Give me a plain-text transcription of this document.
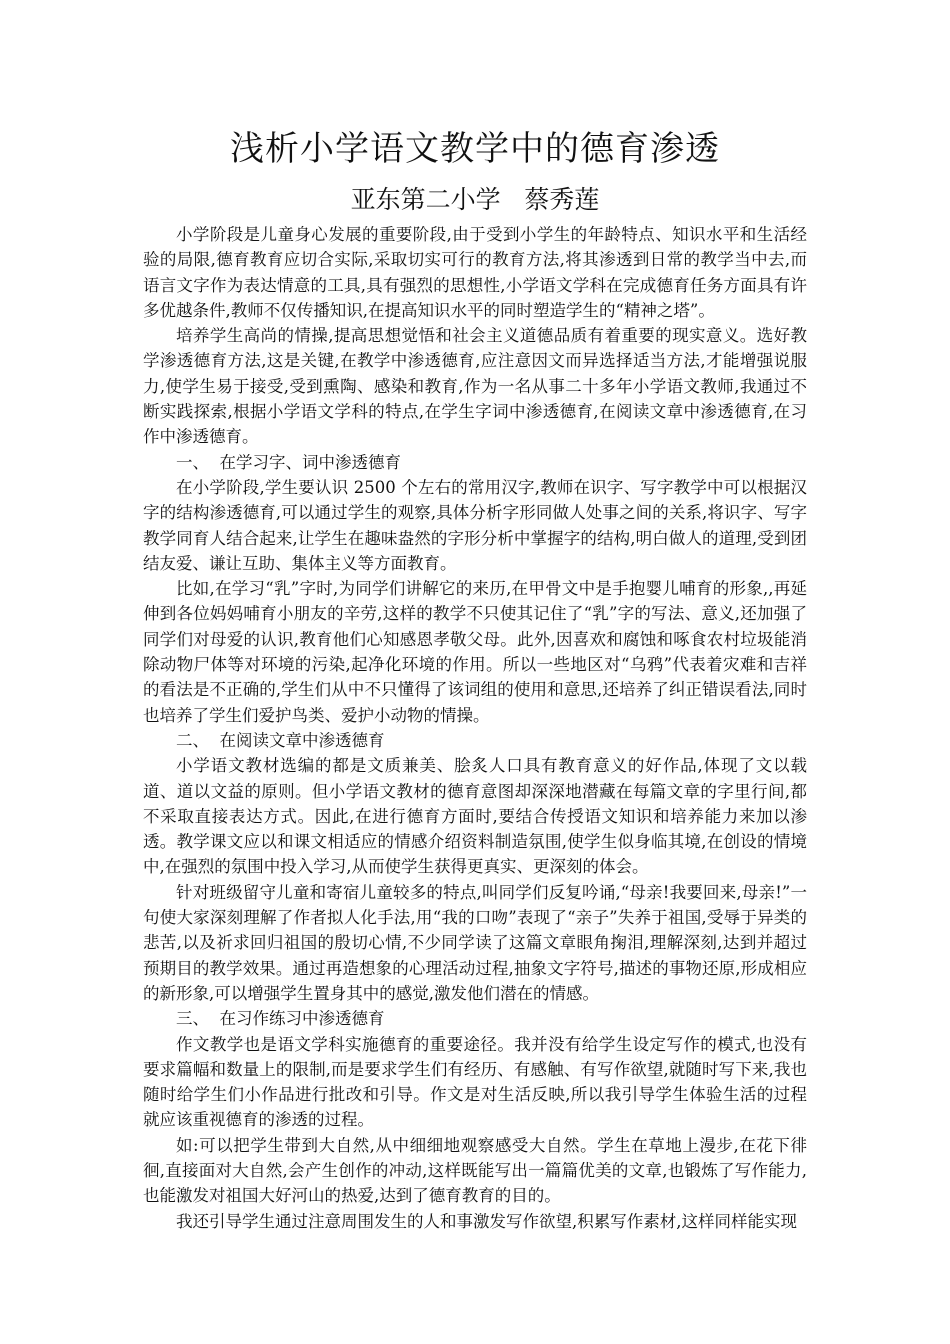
浅析小学语文教学中的德育渗透
亚东第二小学   蔡秀莲

小学阶段是儿童身心发展的重要阶段,由于受到小学生的年龄特点、知识水平和生活经验的局限,德育教育应切合实际,采取切实可行的教育方法,将其渗透到日常的教学当中去,而语言文字作为表达情意的工具,具有强烈的思想性,小学语文学科在完成德育任务方面具有许多优越条件,教师不仅传播知识,在提高知识水平的同时塑造学生的“精神之塔”。

培养学生高尚的情操,提高思想觉悟和社会主义道德品质有着重要的现实意义。选好教学渗透德育方法,这是关键,在教学中渗透德育,应注意因文而异选择适当方法,才能增强说服力,使学生易于接受,受到熏陶、感染和教育,作为一名从事二十多年小学语文教师,我通过不断实践探索,根据小学语文学科的特点,在学生字词中渗透德育,在阅读文章中渗透德育,在习作中渗透德育。

一、  在学习字、词中渗透德育

在小学阶段,学生要认识 2500 个左右的常用汉字,教师在识字、写字教学中可以根据汉字的结构渗透德育,可以通过学生的观察,具体分析字形同做人处事之间的关系,将识字、写字教学同育人结合起来,让学生在趣味盎然的字形分析中掌握字的结构,明白做人的道理,受到团结友爱、谦让互助、集体主义等方面教育。

比如,在学习“乳”字时,为同学们讲解它的来历,在甲骨文中是手抱婴儿哺育的形象,,再延伸到各位妈妈哺育小朋友的辛劳,这样的教学不只使其记住了“乳”字的写法、意义,还加强了同学们对母爱的认识,教育他们心知感恩孝敬父母。此外,因喜欢和腐蚀和啄食农村垃圾能消除动物尸体等对环境的污染,起净化环境的作用。所以一些地区对“乌鸦”代表着灾难和吉祥的看法是不正确的,学生们从中不只懂得了该词组的使用和意思,还培养了纠正错误看法,同时也培养了学生们爱护鸟类、爱护小动物的情操。

二、  在阅读文章中渗透德育

小学语文教材选编的都是文质兼美、脍炙人口具有教育意义的好作品,体现了文以载道、道以文益的原则。但小学语文教材的德育意图却深深地潜藏在每篇文章的字里行间,都不采取直接表达方式。因此,在进行德育方面时,要结合传授语文知识和培养能力来加以渗透。教学课文应以和课文相适应的情感介绍资料制造氛围,使学生似身临其境,在创设的情境中,在强烈的氛围中投入学习,从而使学生获得更真实、更深刻的体会。

针对班级留守儿童和寄宿儿童较多的特点,叫同学们反复吟诵,“母亲!我要回来,母亲!”一句使大家深刻理解了作者拟人化手法,用“我的口吻”表现了“亲子”失养于祖国,受辱于异类的悲苦,以及祈求回归祖国的殷切心情,不少同学读了这篇文章眼角掬泪,理解深刻,达到并超过预期目的教学效果。通过再造想象的心理活动过程,抽象文字符号,描述的事物还原,形成相应的新形象,可以增强学生置身其中的感觉,激发他们潜在的情感。

三、  在习作练习中渗透德育

作文教学也是语文学科实施德育的重要途径。我并没有给学生设定写作的模式,也没有要求篇幅和数量上的限制,而是要求学生们有经历、有感触、有写作欲望,就随时写下来,我也随时给学生们小作品进行批改和引导。作文是对生活反映,所以我引导学生体验生活的过程就应该重视德育的渗透的过程。

如:可以把学生带到大自然,从中细细地观察感受大自然。学生在草地上漫步,在花下徘徊,直接面对大自然,会产生创作的冲动,这样既能写出一篇篇优美的文章,也锻炼了写作能力,也能激发对祖国大好河山的热爱,达到了德育教育的目的。

我还引导学生通过注意周围发生的人和事激发写作欲望,积累写作素材,这样同样能实现
